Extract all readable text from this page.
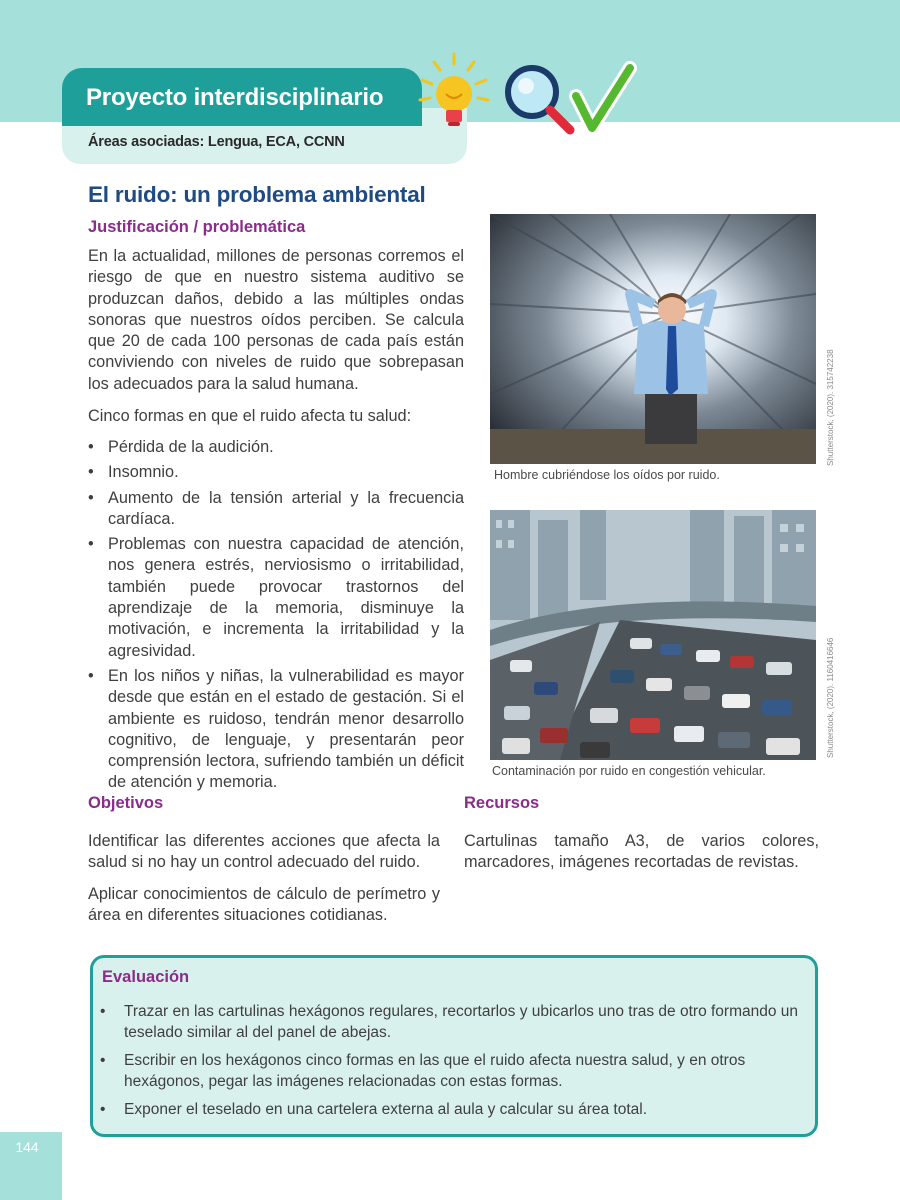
Áreas asociadas: Lengua, ECA, CCNN
Proyecto interdisciplinario
El ruido: un problema ambiental
Justificación / problemática

En la actualidad, millones de personas corremos el riesgo de que en nuestro sistema auditivo se produzcan daños, debido a las múltiples ondas sonoras que nuestros oídos perciben. Se calcula que 20 de cada 100 personas de cada país están conviviendo con niveles de ruido que sobrepasan los adecuados para la salud humana.

Cinco formas en que el ruido afecta tu salud:

• Pérdida de la audición.
• Insomnio.
• Aumento de la tensión arterial y la frecuencia cardíaca.
• Problemas con nuestra capacidad de atención, nos genera estrés, nerviosismo o irritabilidad, también puede provocar trastornos del aprendizaje de la memoria, disminuye la motivación, e incrementa la irritabilidad y la agresividad.
• En los niños y niñas, la vulnerabilidad es mayor desde que están en el estado de gestación. Si el ambiente es ruidoso, tendrán menor desarrollo cognitivo, de lenguaje, y presentarán peor comprensión lectora, sufriendo también un déficit de atención y memoria.
Hombre cubriéndose los oídos por ruido.
Shutterstock, (2020). 315742238
Contaminación por ruido en congestión vehicular.
Shutterstock, (2020). 1160416646
Objetivos

Identificar las diferentes acciones que afecta la salud si no hay un control adecuado del ruido.

Aplicar conocimientos de cálculo de perímetro y área en diferentes situaciones cotidianas.

Recursos

Cartulinas tamaño A3, de varios colores, marcadores, imágenes recortadas de revistas.

Evaluación
• Trazar en las cartulinas hexágonos regulares, recortarlos y ubicarlos uno tras de otro formando un teselado similar al del panel de abejas.
• Escribir en los hexágonos cinco formas en las que el ruido afecta nuestra salud, y en otros hexágonos, pegar las imágenes relacionadas con estas formas.
• Exponer el teselado en una cartelera externa al aula y calcular su área total.
144
